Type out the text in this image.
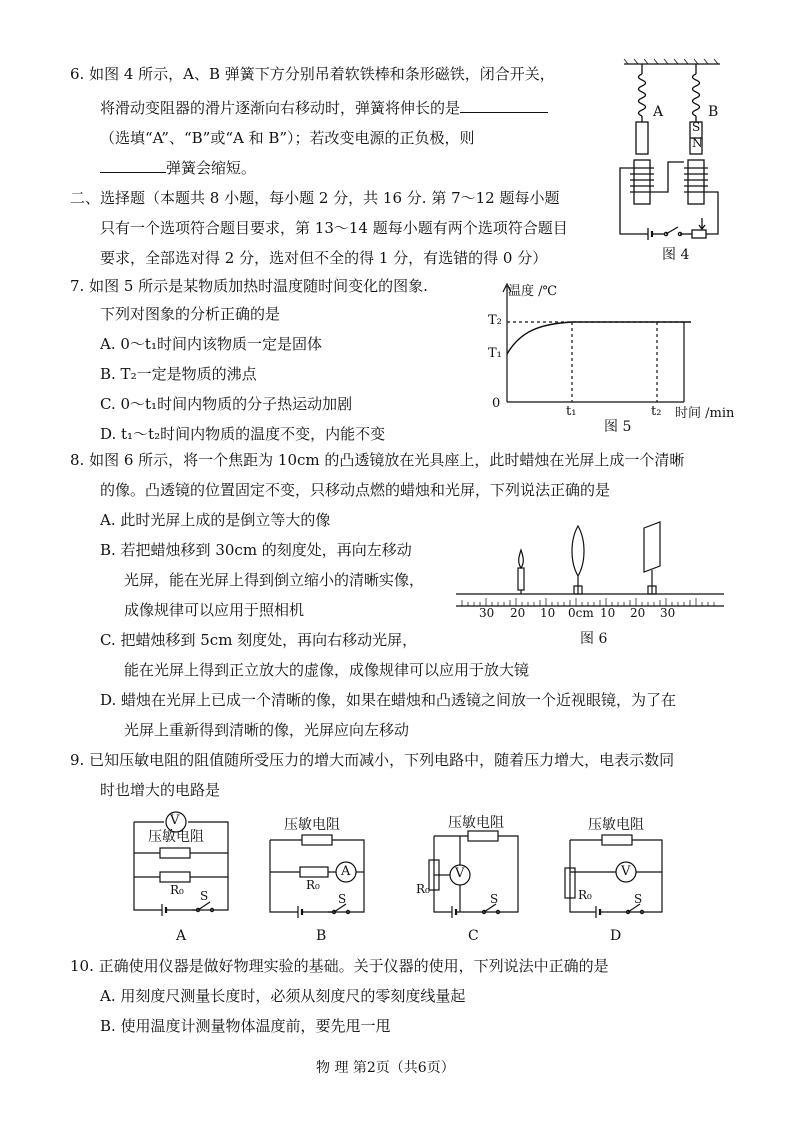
6. 如图 4 所示，A、B 弹簧下方分别吊着软铁棒和条形磁铁，闭合开关，
将滑动变阻器的滑片逐渐向右移动时，弹簧将伸长的是
（选填“A”、“B”或“A 和 B”）；若改变电源的正负极，则
弹簧会缩短。
二、选择题（本题共 8 小题，每小题 2 分，共 16 分. 第 7～12 题每小题
只有一个选项符合题目要求，第 13～14 题每小题有两个选项符合题目
要求，全部选对得 2 分，选对但不全的得 1 分，有选错的得 0 分）
A	B
S
N
图 4
7. 如图 5 所示是某物质加热时温度随时间变化的图象.
下列对图象的分析正确的是
A. 0～t₁时间内该物质一定是固体
B. T₂一定是物质的沸点
C. 0～t₁时间内物质的分子热运动加剧
D. t₁～t₂时间内物质的温度不变，内能不变
温度 /℃
T₂
T₁
0
t₁	t₂ 时间 /min
图 5
8. 如图 6 所示，将一个焦距为 10cm 的凸透镜放在光具座上，此时蜡烛在光屏上成一个清晰
的像。凸透镜的位置固定不变，只移动点燃的蜡烛和光屏，下列说法正确的是
A. 此时光屏上成的是倒立等大的像
B. 若把蜡烛移到 30cm 的刻度处，再向左移动
光屏，能在光屏上得到倒立缩小的清晰实像，
成像规律可以应用于照相机
C. 把蜡烛移到 5cm 刻度处，再向右移动光屏，
能在光屏上得到正立放大的虚像，成像规律可以应用于放大镜
D. 蜡烛在光屏上已成一个清晰的像，如果在蜡烛和凸透镜之间放一个近视眼镜，为了在
光屏上重新得到清晰的像，光屏应向左移动
30 20 10 0cm 10 20 30
图 6
9. 已知压敏电阻的阻值随所受压力的增大而减小，下列电路中，随着压力增大，电表示数同
时也增大的电路是
V
压敏电阻
R₀ S
A
压敏电阻
A
R₀
S
B
压敏电阻
V
R₀
S
C
压敏电阻
V
R₀	S
D
10. 正确使用仪器是做好物理实验的基础。关于仪器的使用，下列说法中正确的是
A. 用刻度尺测量长度时，必须从刻度尺的零刻度线量起
B. 使用温度计测量物体温度前，要先甩一甩
物 理 第2页（共6页）
